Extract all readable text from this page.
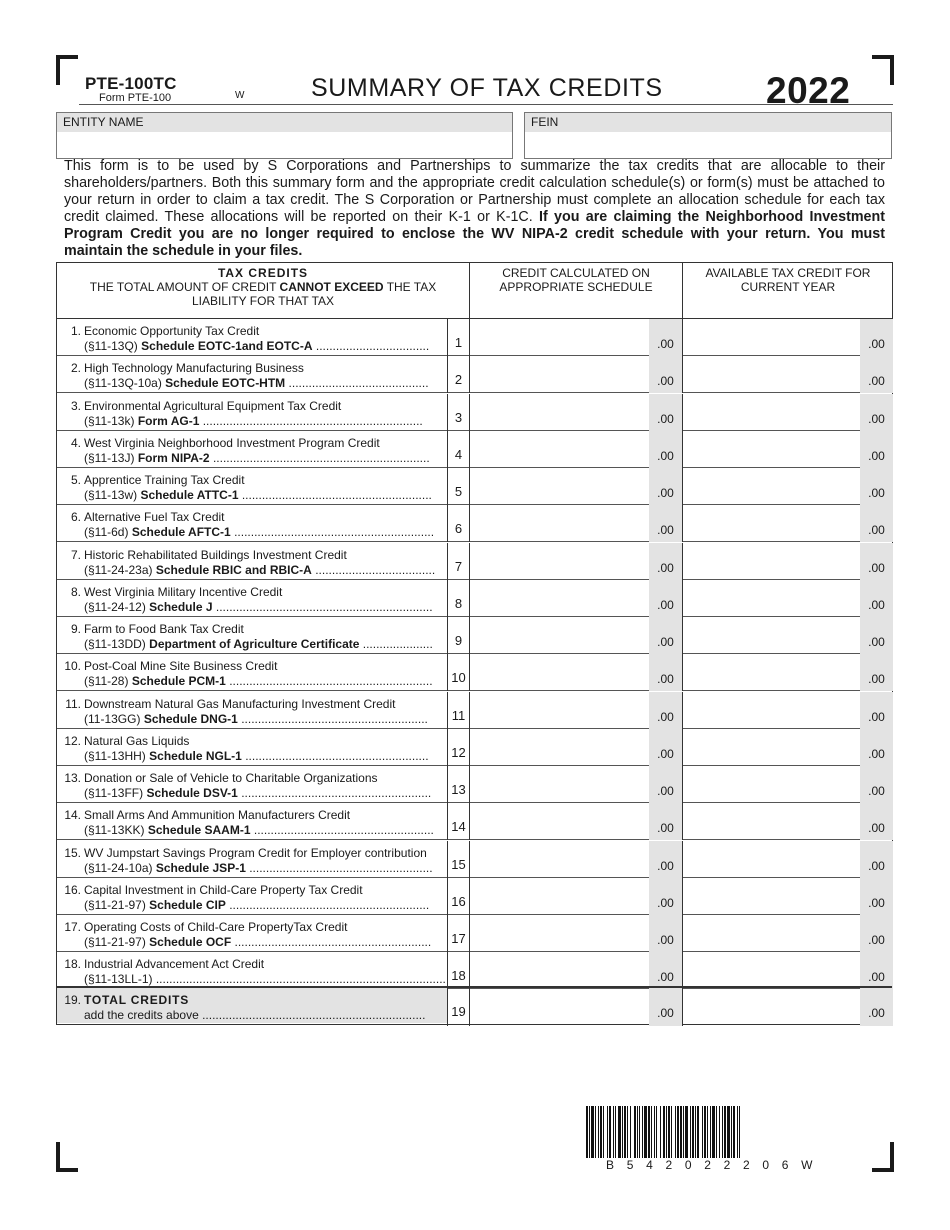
PTE-100TC
Form PTE-100	W	SUMMARY OF TAX CREDITS	2022
ENTITY NAME	FEIN
This form is to be used by S Corporations and Partnerships to summarize the tax credits that are allocable to their shareholders/partners. Both this summary form and the appropriate credit calculation schedule(s) or form(s) must be attached to your return in order to claim a tax credit. The S Corporation or Partnership must complete an allocation schedule for each tax credit claimed. These allocations will be reported on their K-1 or K-1C. If you are claiming the Neighborhood Investment Program Credit you are no longer required to enclose the WV NIPA-2 credit schedule with your return. You must maintain the schedule in your files.
TAX CREDITS
THE TOTAL AMOUNT OF CREDIT CANNOT EXCEED THE TAX LIABILITY FOR THAT TAX
CREDIT CALCULATED ON APPROPRIATE SCHEDULE
AVAILABLE TAX CREDIT FOR CURRENT YEAR
1. Economic Opportunity Tax Credit
(§11-13Q) Schedule EOTC-1and EOTC-A ..................................	1	.00	.00
2. High Technology Manufacturing Business
(§11-13Q-10a) Schedule EOTC-HTM ..........................................	2	.00	.00
3. Environmental Agricultural Equipment Tax Credit
(§11-13k) Form AG-1 ..................................................................	3	.00	.00
4. West Virginia Neighborhood Investment Program Credit
(§11-13J) Form NIPA-2 .................................................................	4	.00	.00
5. Apprentice Training Tax Credit
(§11-13w) Schedule ATTC-1 .........................................................	5	.00	.00
6. Alternative Fuel Tax Credit
(§11-6d) Schedule AFTC-1 ............................................................	6	.00	.00
7. Historic Rehabilitated Buildings Investment Credit
(§11-24-23a) Schedule RBIC and RBIC-A ....................................	7	.00	.00
8. West Virginia Military Incentive Credit
(§11-24-12) Schedule J .................................................................	8	.00	.00
9. Farm to Food Bank Tax Credit
(§11-13DD) Department of Agriculture Certificate .....................	9	.00	.00
10. Post-Coal Mine Site Business Credit
(§11-28) Schedule PCM-1 .............................................................	10	.00	.00
11. Downstream Natural Gas Manufacturing Investment Credit
(11-13GG) Schedule DNG-1 ........................................................	11	.00	.00
12. Natural Gas Liquids
(§11-13HH) Schedule NGL-1 .......................................................	12	.00	.00
13. Donation or Sale of Vehicle to Charitable Organizations
(§11-13FF) Schedule DSV-1 .........................................................	13	.00	.00
14. Small Arms And Ammunition Manufacturers Credit
(§11-13KK) Schedule SAAM-1 ......................................................	14	.00	.00
15. WV Jumpstart Savings Program Credit for Employer contribution
(§11-24-10a) Schedule JSP-1 .......................................................	15	.00	.00
16. Capital Investment in Child-Care Property Tax Credit
(§11-21-97) Schedule CIP ............................................................	16	.00	.00
17. Operating Costs of Child-Care PropertyTax Credit
(§11-21-97) Schedule OCF ...........................................................	17	.00	.00
18. Industrial Advancement Act Credit
(§11-13LL-1) ....................................................................................... 18	.00	.00
19. TOTAL CREDITS
add the credits above ...................................................................	19	.00	.00
B542022206W
